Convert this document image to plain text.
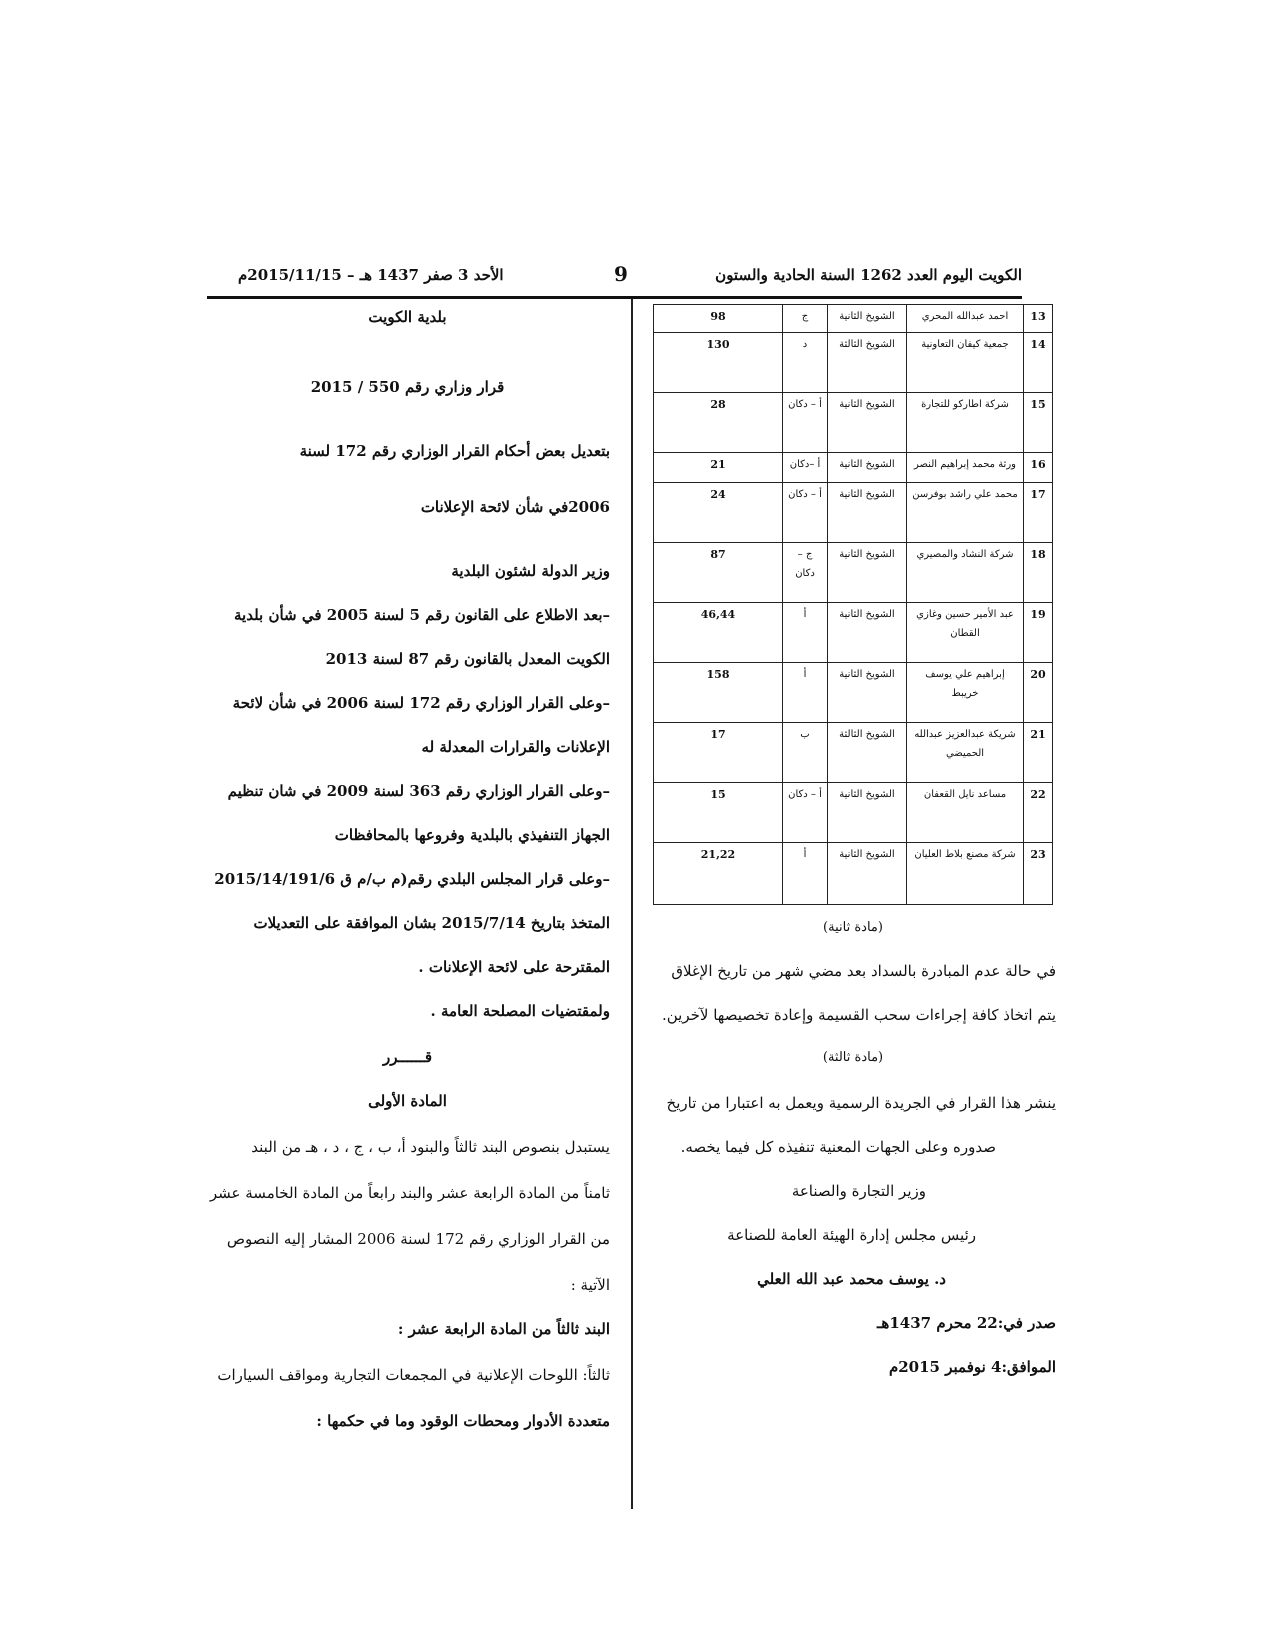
الأحد 3 صفر 1437 هـ – 2015/11/15م	9	الكويت اليوم العدد 1262 السنة الحادية والستون
بلدية الكويت
قرار وزاري رقم 550 / 2015
بتعديل بعض أحكام القرار الوزاري رقم 172 لسنة
2006في شأن لائحة الإعلانات
وزير الدولة لشئون البلدية
–بعد الاطلاع على القانون رقم 5 لسنة 2005 في شأن بلدية
الكويت المعدل بالقانون رقم 87 لسنة 2013
–وعلى القرار الوزاري رقم 172 لسنة 2006 في شأن لائحة
الإعلانات والقرارات المعدلة له
–وعلى القرار الوزاري رقم 363 لسنة 2009 في شان تنظيم
الجهاز التنفيذي بالبلدية وفروعها بالمحافظات
–وعلى قرار المجلس البلدي رقم(م ب/م ق 2015/14/191/6
المتخذ بتاريخ 2015/7/14 بشان الموافقة على التعديلات
المقترحة على لائحة الإعلانات .
ولمقتضيات المصلحة العامة .
قــــــرر
المادة الأولى
يستبدل بنصوص البند ثالثاً والبنود أ، ب ، ج ، د ، هـ من البند
ثامناً من المادة الرابعة عشر والبند رابعاً من المادة الخامسة عشر
من القرار الوزاري رقم 172 لسنة 2006 المشار إليه النصوص
الآتية :
البند ثالثاً من المادة الرابعة عشر :
ثالثاً: اللوحات الإعلانية في المجمعات التجارية ومواقف السيارات
متعددة الأدوار ومحطات الوقود وما في حكمها :
13	احمد عبدالله المحري	الشويخ الثانية	ج	98
14	جمعية كيفان التعاونية	الشويخ الثالثة	د	130
15	شركة اطاركو للتجارة	الشويخ الثانية	أ – دكان	28
16	ورثة محمد إبراهيم النصر	الشويخ الثانية	أ –دكان	21
17	محمد علي راشد بوفرسن	الشويخ الثانية	أ – دكان	24
18	شركة النشاد والمصيري	الشويخ الثانية	ج – دكان	87
19	عبد الأمير حسين وغازي القطان	الشويخ الثانية	أ	46,44
20	إبراهيم علي يوسف خريبط	الشويخ الثانية	أ	158
21	شريكة عبدالعزيز عبدالله الحميضي	الشويخ الثالثة	ب	17
22	مساعد نايل القعفان	الشويخ الثانية	أ – دكان	15
23	شركة مصنع بلاط العليان	الشويخ الثانية	أ	21,22
(مادة ثانية)
في حالة عدم المبادرة بالسداد بعد مضي شهر من تاريخ الإغلاق
يتم اتخاذ كافة إجراءات سحب القسيمة وإعادة تخصيصها لآخرين.
(مادة ثالثة)
ينشر هذا القرار في الجريدة الرسمية ويعمل به اعتبارا من تاريخ
صدوره وعلى الجهات المعنية تنفيذه كل فيما يخصه.
وزير التجارة والصناعة
رئيس مجلس إدارة الهيئة العامة للصناعة
د. يوسف محمد عبد الله العلي
صدر في:22 محرم 1437هـ
الموافق:4 نوفمبر 2015م
